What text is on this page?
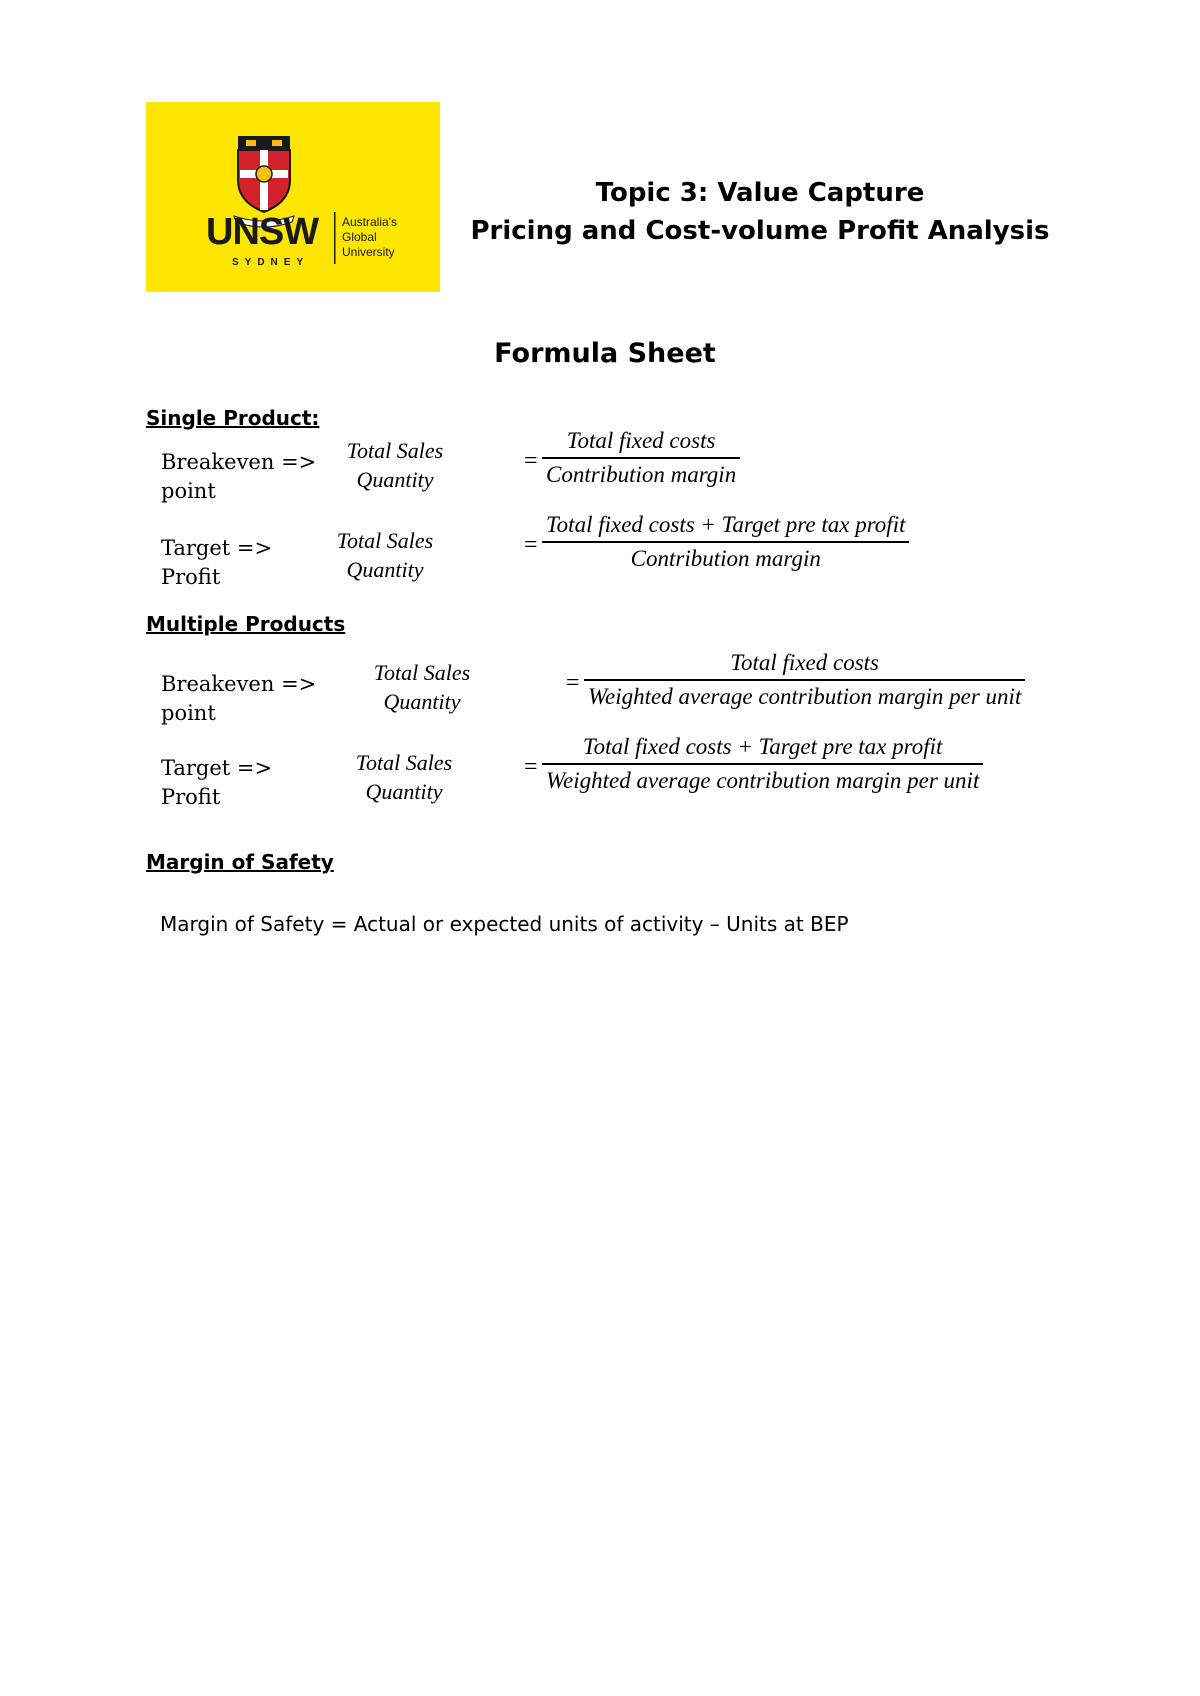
UNSW
SYDNEY
Australia's
Global
University
Topic 3: Value Capture
Pricing and Cost-volume Profit Analysis
Formula Sheet
Single Product:
Breakeven =>
point
Total Sales
Quantity
=
Total fixed costs
Contribution margin
Target =>
Profit
Total Sales
Quantity
=
Total fixed costs + Target pre tax profit
Contribution margin
Multiple Products
Breakeven =>
point
Total Sales
Quantity
=
Total fixed costs
Weighted average contribution margin per unit
Target =>
Profit
Total Sales
Quantity
=
Total fixed costs + Target pre tax profit
Weighted average contribution margin per unit
Margin of Safety
Margin of Safety = Actual or expected units of activity – Units at BEP
